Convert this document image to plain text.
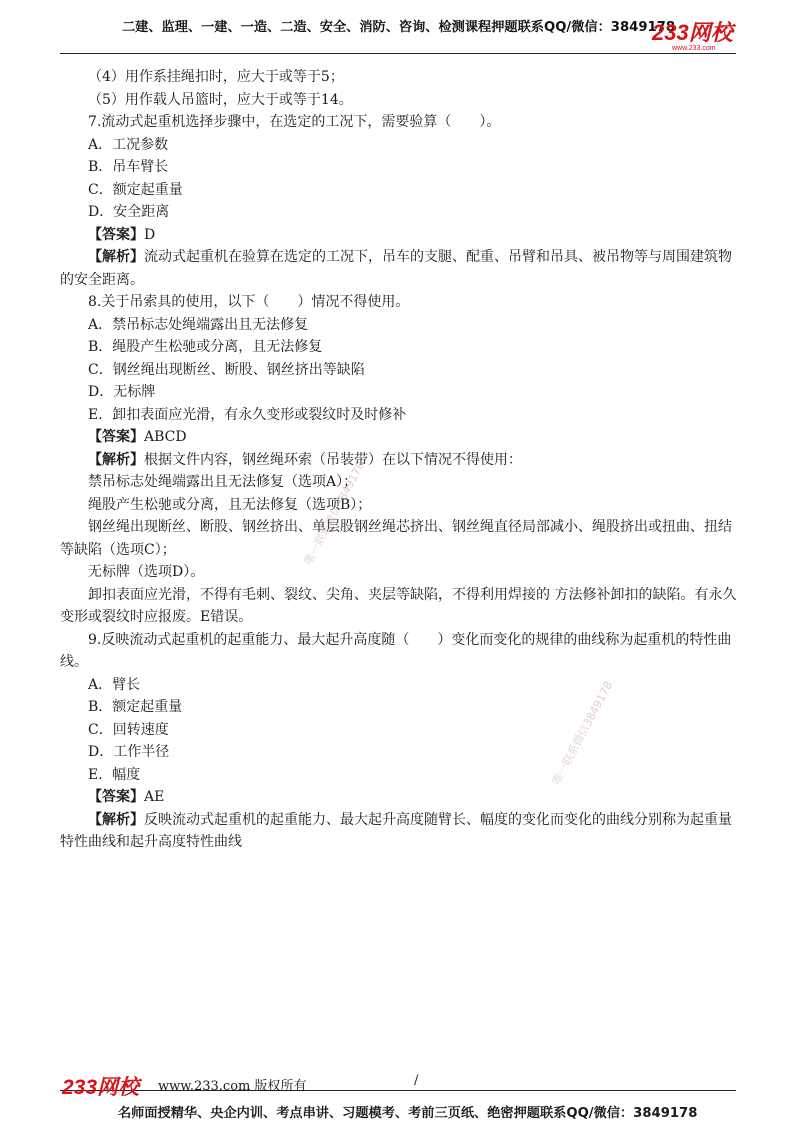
二建、监理、一建、一造、二造、安全、消防、咨询、检测课程押题联系QQ/微信：3849178
233网校
www.233.com
唯一联系微信3849178
唯一联系微信3849178
（4）用作系挂绳扣时，应大于或等于5；
（5）用作载人吊篮时，应大于或等于14。
7.流动式起重机选择步骤中，在选定的工况下，需要验算（　　）。
A．工况参数
B．吊车臂长
C．额定起重量
D．安全距离
【答案】D
【解析】流动式起重机在验算在选定的工况下，吊车的支腿、配重、吊臂和吊具、被吊物等与周围建筑物的安全距离。
8.关于吊索具的使用，以下（　　）情况不得使用。
A．禁吊标志处绳端露出且无法修复
B．绳股产生松驰或分离，且无法修复
C．钢丝绳出现断丝、断股、钢丝挤出等缺陷
D．无标牌
E．卸扣表面应光滑，有永久变形或裂纹时及时修补
【答案】ABCD
【解析】根据文件内容，钢丝绳环索（吊装带）在以下情况不得使用：
禁吊标志处绳端露出且无法修复（选项A）；
绳股产生松驰或分离，且无法修复（选项B）；
钢丝绳出现断丝、断股、钢丝挤出、单层股钢丝绳芯挤出、钢丝绳直径局部减小、绳股挤出或扭曲、扭结等缺陷（选项C）；
无标牌（选项D）。
卸扣表面应光滑，不得有毛刺、裂纹、尖角、夹层等缺陷，不得利用焊接的 方法修补卸扣的缺陷。有永久变形或裂纹时应报废。E错误。
9.反映流动式起重机的起重能力、最大起升高度随（　　）变化而变化的规律的曲线称为起重机的特性曲线。
A．臂长
B．额定起重量
C．回转速度
D．工作半径
E．幅度
【答案】AE
【解析】反映流动式起重机的起重能力、最大起升高度随臂长、幅度的变化而变化的曲线分别称为起重量特性曲线和起升高度特性曲线
233网校 www.233.com 版权所有	/
名师面授精华、央企内训、考点串讲、习题模考、考前三页纸、绝密押题联系QQ/微信：3849178
